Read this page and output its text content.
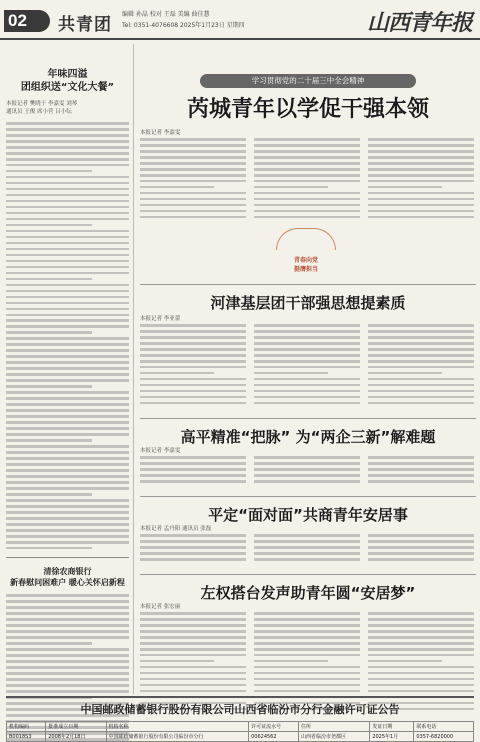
02	共青团
编辑 孙晶 校对 王磊 美编 曲佳慧
Tel: 0351-4076608 2025年1月23日 星期四	山西青年报
年味四溢
团组织送“文化大餐”
本报记者 樊晓于 李嘉雯 刘琴
通讯员 王俊 席小营 吕小纭
清徐农商银行
新春慰问困难户 暖心关怀启新程
学习贯彻党的二十届三中全会精神
芮城青年以学促干强本领
本报记者 李嘉雯
青春向党
挺膺担当
河津基层团干部强思想提素质
本报记者 李亚蕾
高平精准“把脉” 为“两企三新”解难题
本报记者 李嘉雯
平定“面对面”共商青年安居事
本报记者 孟丹阳 通讯员 张磊
左权搭台发声助青年圆“安居梦”
本报记者 张宏丽
中国邮政储蓄银行股份有限公司山西省临汾市分行金融许可证公告
机构编码	批准成立日期	机构名称	许可证流水号	住所	发证日期	联系电话
B0018S3	2008年2月18日	中国邮政储蓄银行股份有限公司临汾市分行	00624562	山西省临汾市尧都区	2025年1月	0357-6820000
